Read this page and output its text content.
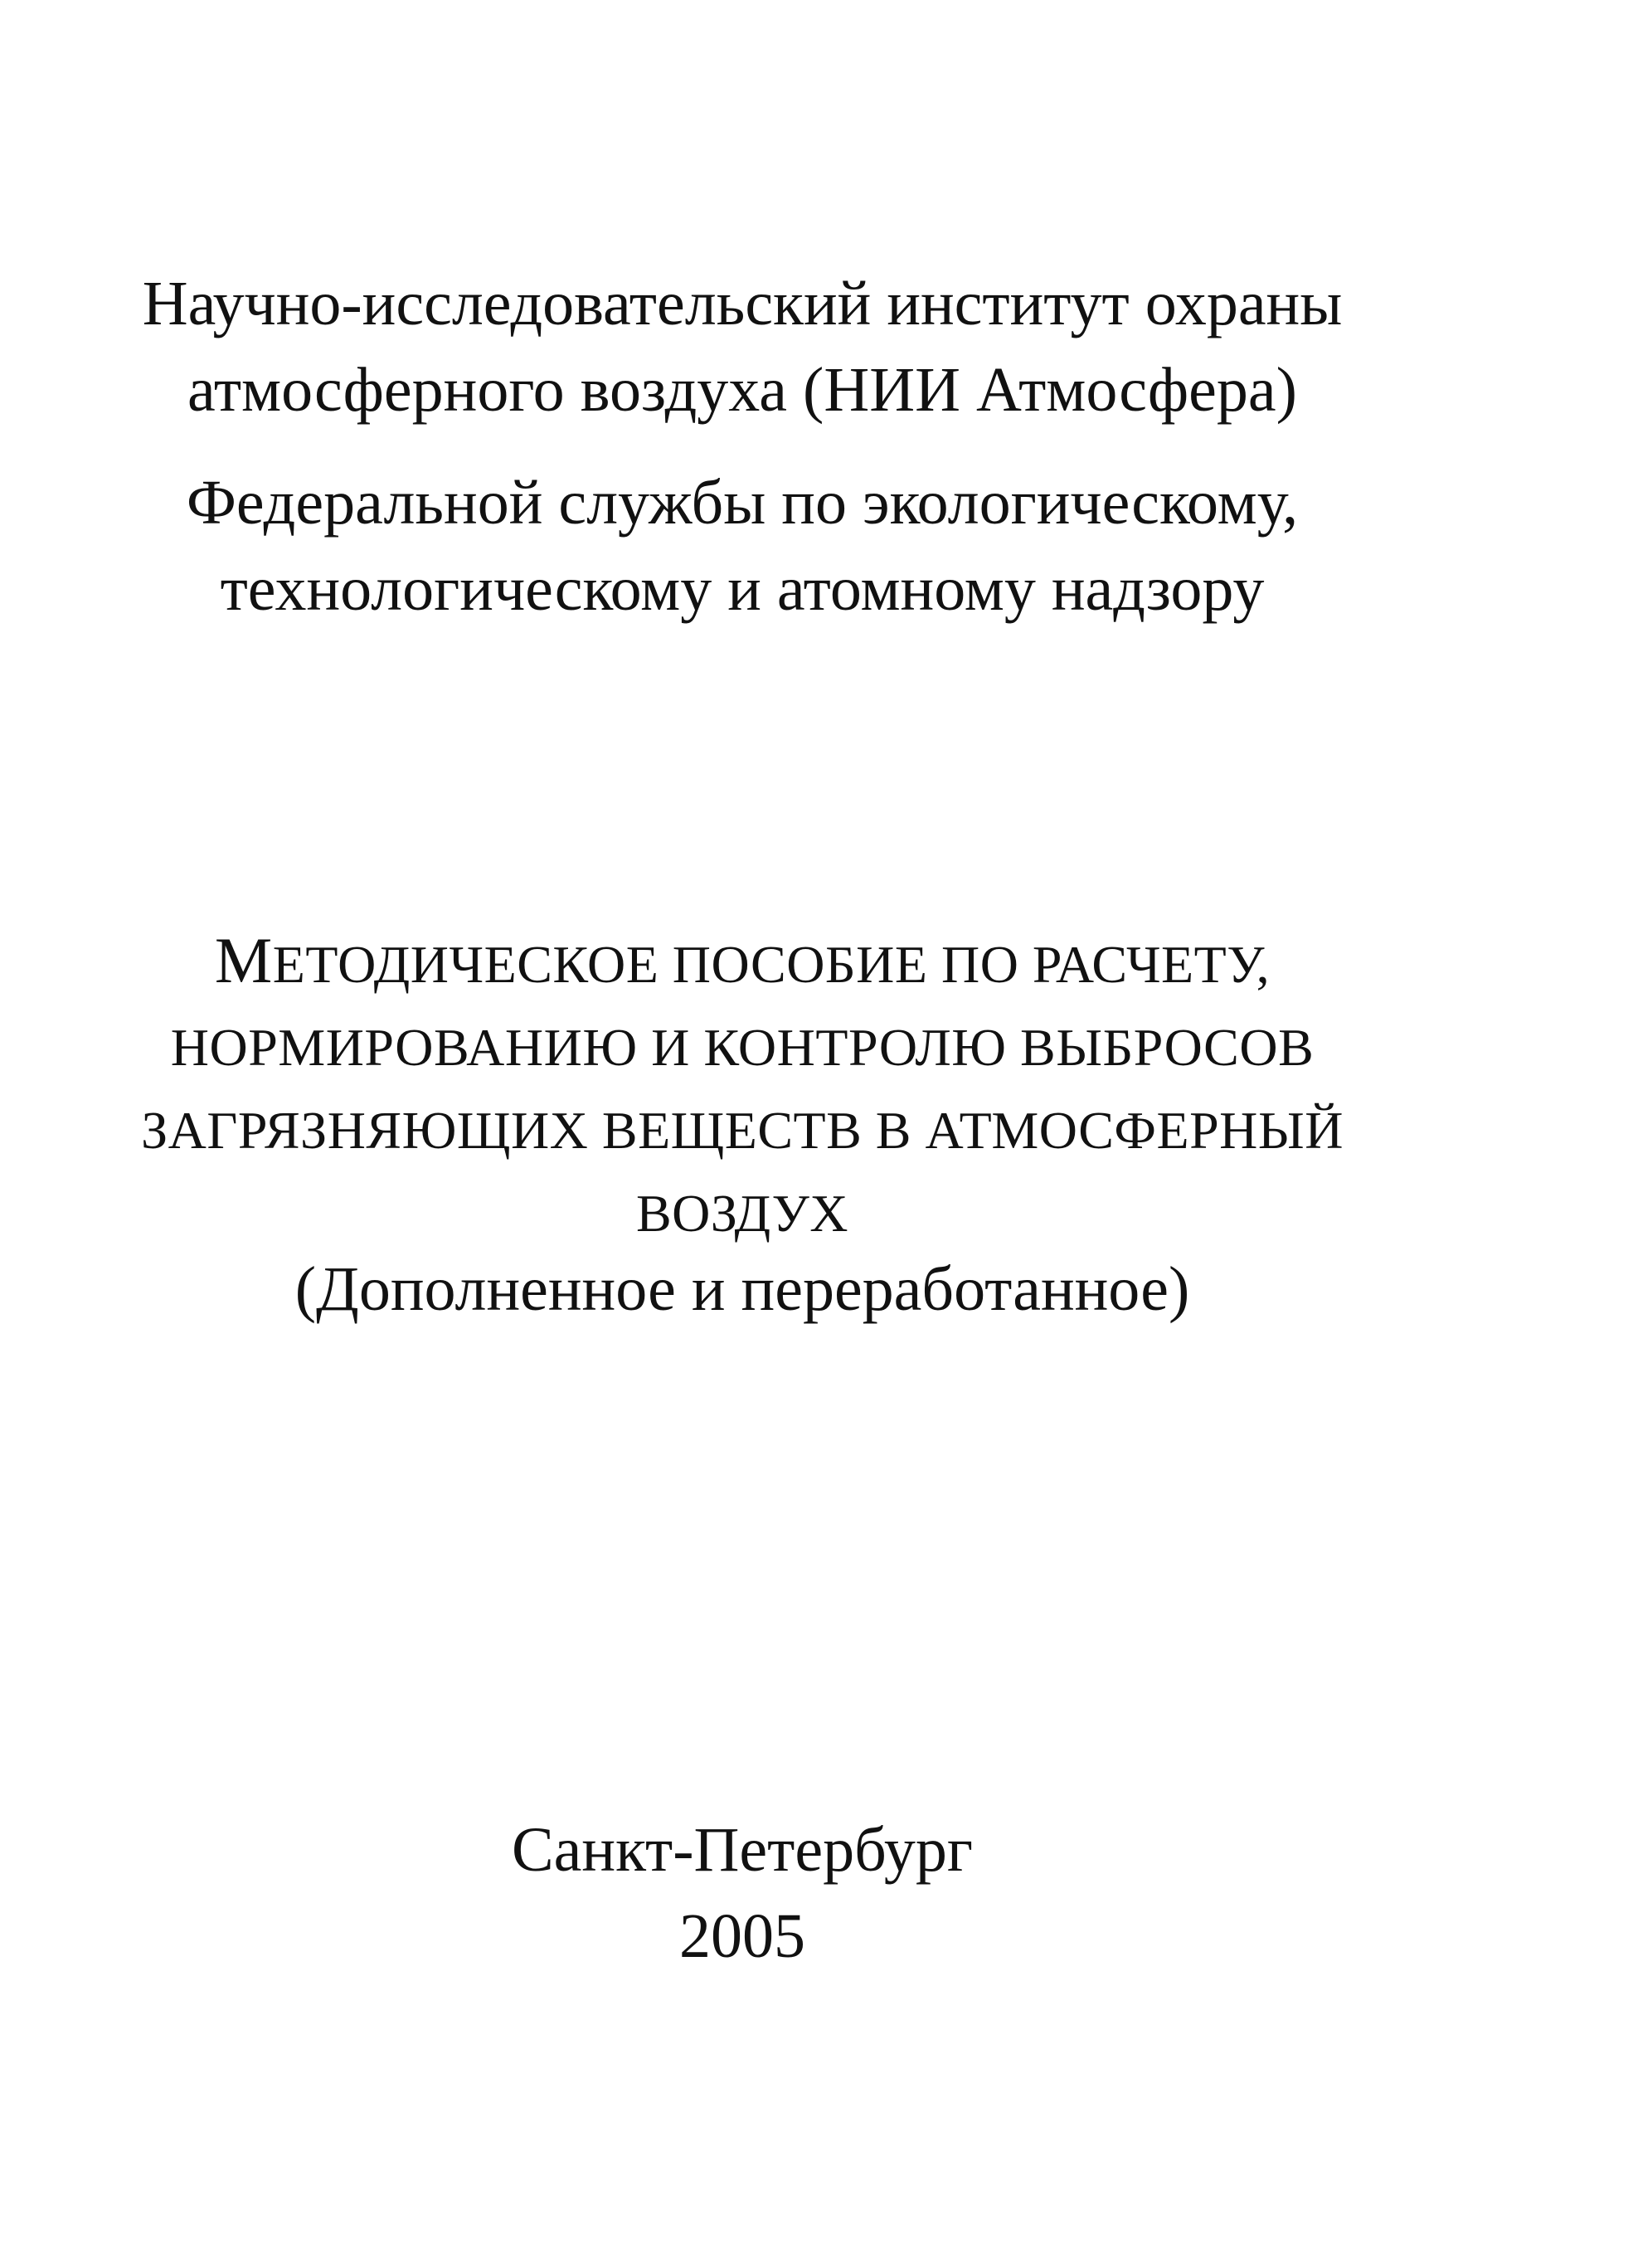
Научно-исследовательский институт охраны
атмосферного воздуха (НИИ Атмосфера)
Федеральной службы по экологическому,
технологическому и атомному надзору
МЕТОДИЧЕСКОЕ ПОСОБИЕ ПО РАСЧЕТУ,
НОРМИРОВАНИЮ И КОНТРОЛЮ ВЫБРОСОВ
ЗАГРЯЗНЯЮЩИХ ВЕЩЕСТВ В АТМОСФЕРНЫЙ
ВОЗДУХ
(Дополненное и переработанное)
Санкт-Петербург
2005
